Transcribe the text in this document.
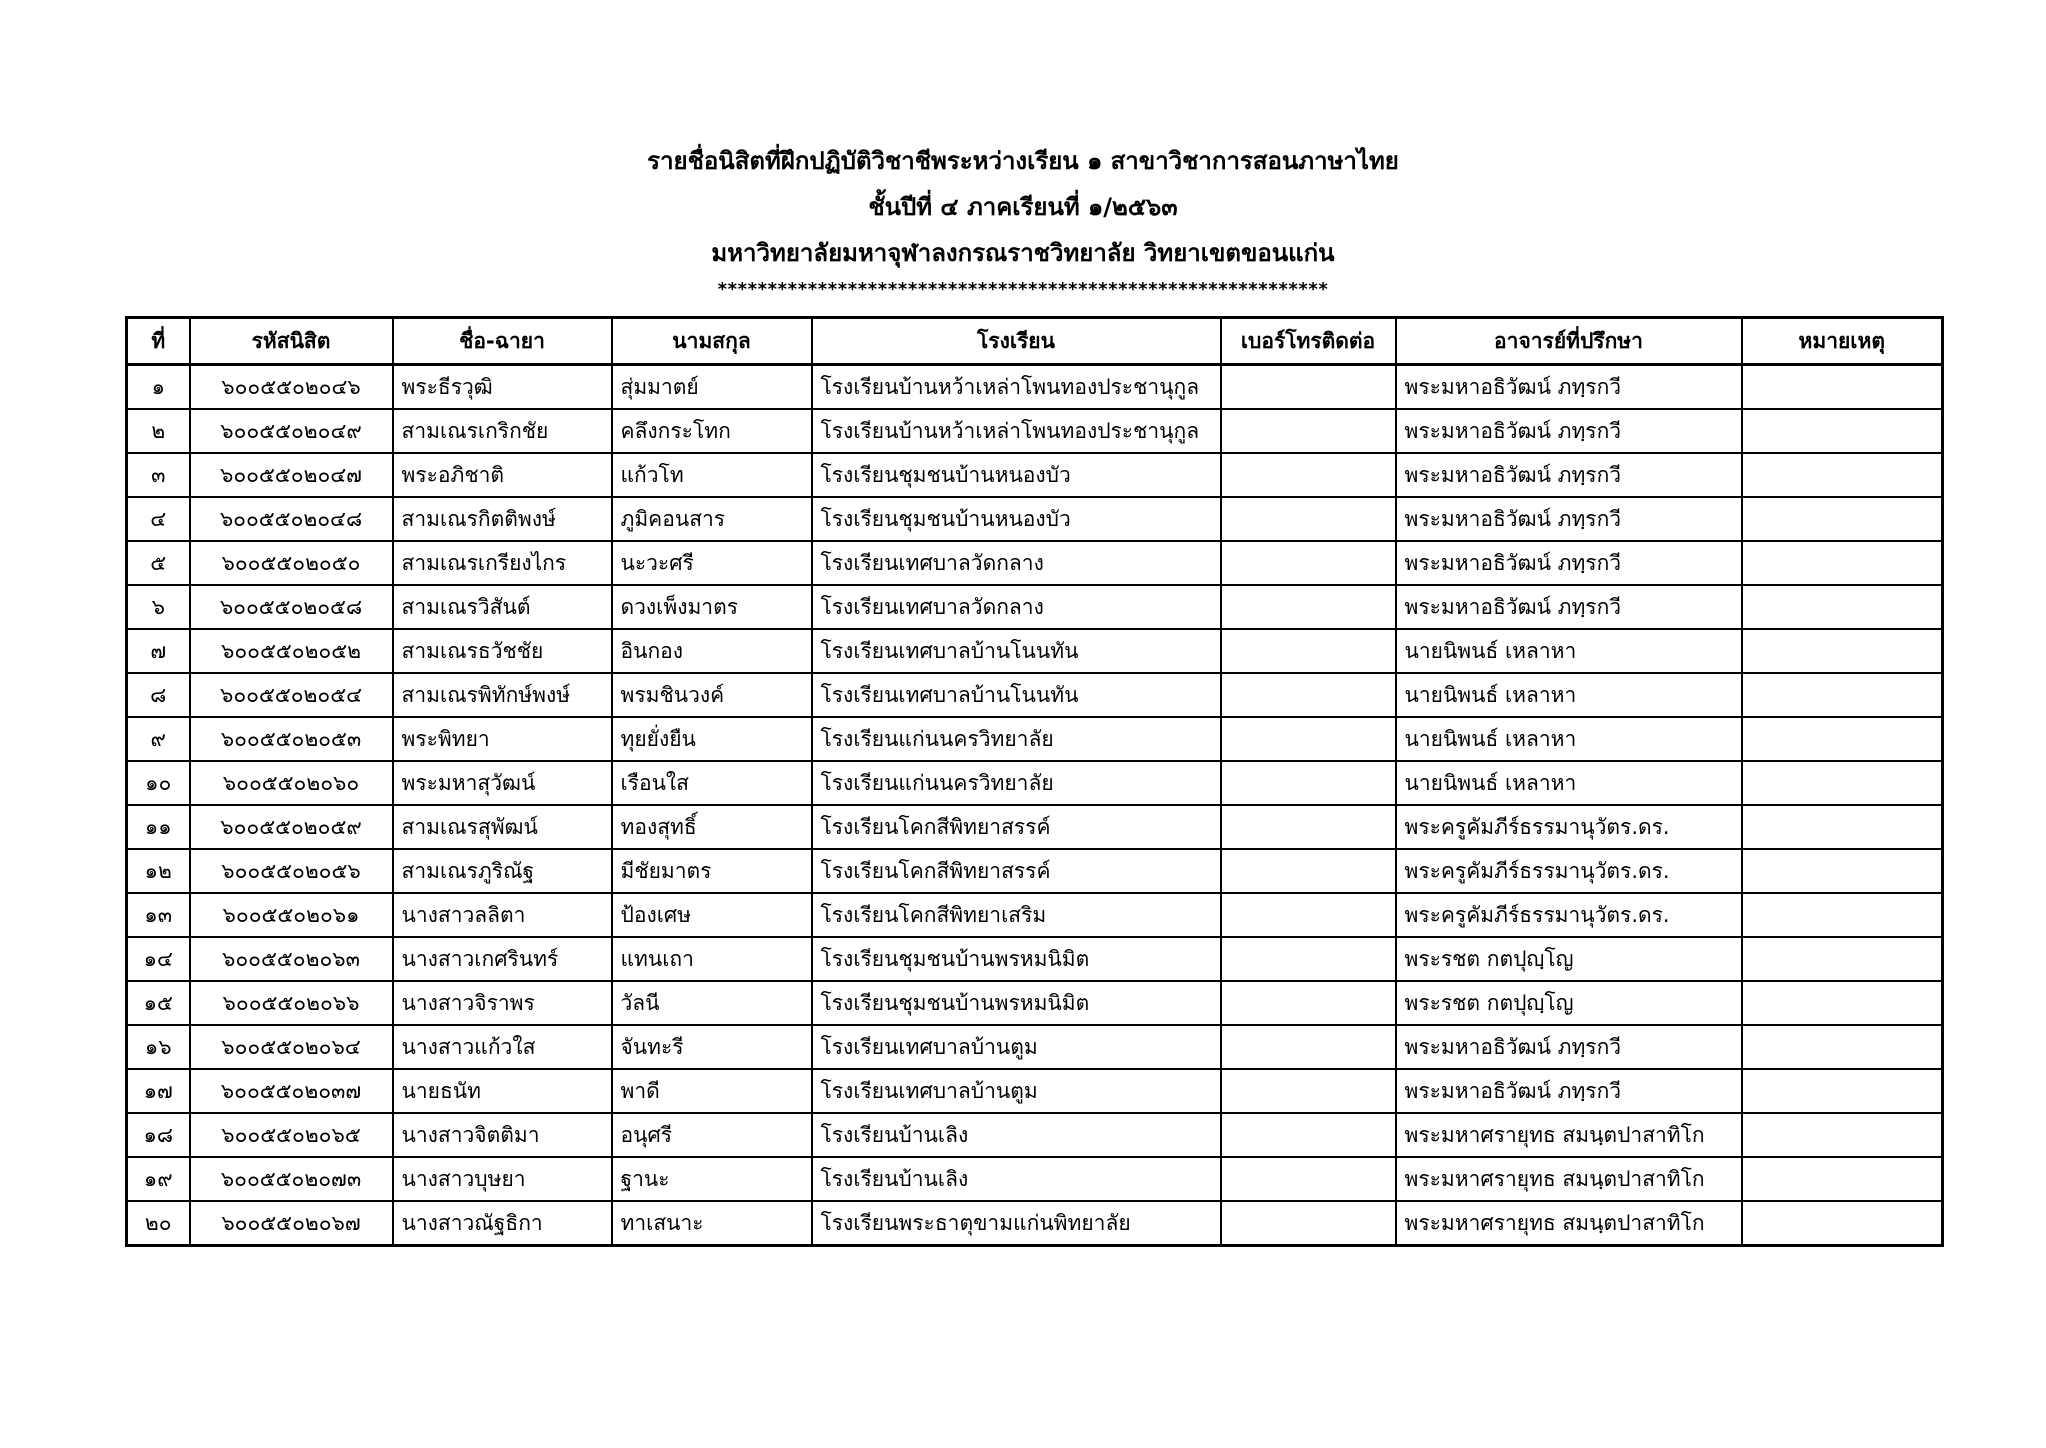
รายชื่อนิสิตที่ฝึกปฏิบัติวิชาชีพระหว่างเรียน ๑ สาขาวิชาการสอนภาษาไทย
ชั้นปีที่ ๔ ภาคเรียนที่ ๑/๒๕๖๓
มหาวิทยาลัยมหาจุฬาลงกรณราชวิทยาลัย วิทยาเขตขอนแก่น
*************************************************************
ที่	รหัสนิสิต	ชื่อ-ฉายา	นามสกุล	โรงเรียน	เบอร์โทรติดต่อ	อาจารย์ที่ปรึกษา	หมายเหตุ
๑	๖๐๐๕๕๐๒๐๔๖	พระธีรวุฒิ	สุ่มมาตย์	โรงเรียนบ้านหว้าเหล่าโพนทองประชานุกูล		พระมหาอธิวัฒน์ ภทฺรกวี	
๒	๖๐๐๕๕๐๒๐๔๙	สามเณรเกริกชัย	คลึงกระโทก	โรงเรียนบ้านหว้าเหล่าโพนทองประชานุกูล		พระมหาอธิวัฒน์ ภทฺรกวี	
๓	๖๐๐๕๕๐๒๐๔๗	พระอภิชาติ	แก้วโท	โรงเรียนชุมชนบ้านหนองบัว		พระมหาอธิวัฒน์ ภทฺรกวี	
๔	๖๐๐๕๕๐๒๐๔๘	สามเณรกิตติพงษ์	ภูมิคอนสาร	โรงเรียนชุมชนบ้านหนองบัว		พระมหาอธิวัฒน์ ภทฺรกวี	
๕	๖๐๐๕๕๐๒๐๕๐	สามเณรเกรียงไกร	นะวะศรี	โรงเรียนเทศบาลวัดกลาง		พระมหาอธิวัฒน์ ภทฺรกวี	
๖	๖๐๐๕๕๐๒๐๕๘	สามเณรวิสันต์	ดวงเพ็งมาตร	โรงเรียนเทศบาลวัดกลาง		พระมหาอธิวัฒน์ ภทฺรกวี	
๗	๖๐๐๕๕๐๒๐๕๒	สามเณรธวัชชัย	อินกอง	โรงเรียนเทศบาลบ้านโนนทัน		นายนิพนธ์ เหลาหา	
๘	๖๐๐๕๕๐๒๐๕๔	สามเณรพิทักษ์พงษ์	พรมชินวงค์	โรงเรียนเทศบาลบ้านโนนทัน		นายนิพนธ์ เหลาหา	
๙	๖๐๐๕๕๐๒๐๕๓	พระพิทยา	ทุยยั่งยืน	โรงเรียนแก่นนครวิทยาลัย		นายนิพนธ์ เหลาหา	
๑๐	๖๐๐๕๕๐๒๐๖๐	พระมหาสุวัฒน์	เรือนใส	โรงเรียนแก่นนครวิทยาลัย		นายนิพนธ์ เหลาหา	
๑๑	๖๐๐๕๕๐๒๐๕๙	สามเณรสุพัฒน์	ทองสุทธิ์	โรงเรียนโคกสีพิทยาสรรค์		พระครูคัมภีร์ธรรมานุวัตร.ดร.	
๑๒	๖๐๐๕๕๐๒๐๕๖	สามเณรภูริณัฐ	มีชัยมาตร	โรงเรียนโคกสีพิทยาสรรค์		พระครูคัมภีร์ธรรมานุวัตร.ดร.	
๑๓	๖๐๐๕๕๐๒๐๖๑	นางสาวลลิตา	ป้องเศษ	โรงเรียนโคกสีพิทยาเสริม		พระครูคัมภีร์ธรรมานุวัตร.ดร.	
๑๔	๖๐๐๕๕๐๒๐๖๓	นางสาวเกศรินทร์	แทนเถา	โรงเรียนชุมชนบ้านพรหมนิมิต		พระรชต กตปุญฺโญ	
๑๕	๖๐๐๕๕๐๒๐๖๖	นางสาวจิราพร	วัลนี	โรงเรียนชุมชนบ้านพรหมนิมิต		พระรชต กตปุญฺโญ	
๑๖	๖๐๐๕๕๐๒๐๖๔	นางสาวแก้วใส	จันทะรี	โรงเรียนเทศบาลบ้านตูม		พระมหาอธิวัฒน์ ภทฺรกวี	
๑๗	๖๐๐๕๕๐๒๐๓๗	นายธนัท	พาดี	โรงเรียนเทศบาลบ้านตูม		พระมหาอธิวัฒน์ ภทฺรกวี	
๑๘	๖๐๐๕๕๐๒๐๖๕	นางสาวจิตติมา	อนุศรี	โรงเรียนบ้านเลิง		พระมหาศรายุทธ สมนฺตปาสาทิโก	
๑๙	๖๐๐๕๕๐๒๐๗๓	นางสาวบุษยา	ฐานะ	โรงเรียนบ้านเลิง		พระมหาศรายุทธ สมนฺตปาสาทิโก	
๒๐	๖๐๐๕๕๐๒๐๖๗	นางสาวณัฐธิกา	ทาเสนาะ	โรงเรียนพระธาตุขามแก่นพิทยาลัย		พระมหาศรายุทธ สมนฺตปาสาทิโก	
